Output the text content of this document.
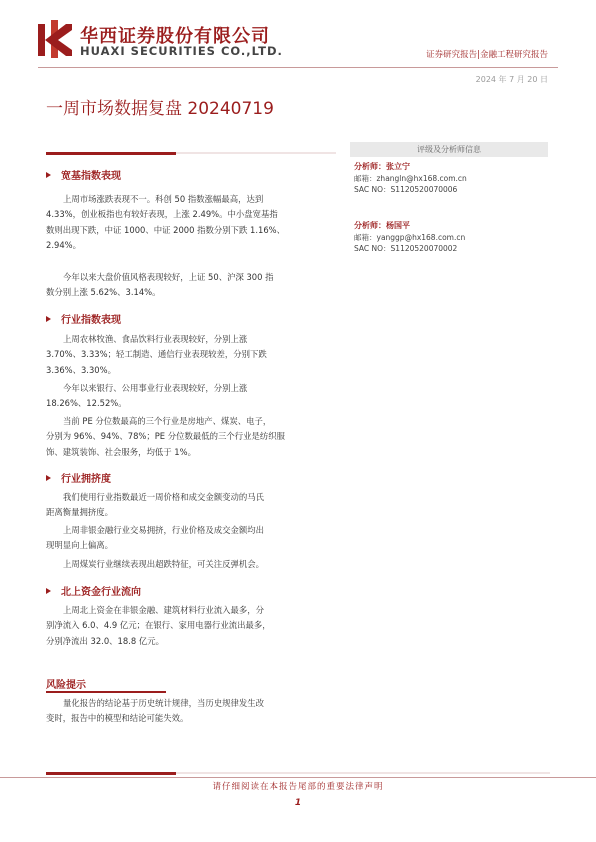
华西证券股份有限公司
HUAXI SECURITIES CO.,LTD.	证券研究报告|金融工程研究报告
2024 年 7 月 20 日
一周市场数据复盘 20240719
宽基指数表现

上周市场涨跌表现不一。科创 50 指数涨幅最高，达到

4.33%，创业板指也有较好表现，上涨 2.49%。中小盘宽基指

数则出现下跌，中证 1000、中证 2000 指数分别下跌 1.16%、

2.94%。

今年以来大盘价值风格表现较好，上证 50、沪深 300 指

数分别上涨 5.62%、3.14%。

行业指数表现

上周农林牧渔、食品饮料行业表现较好，分别上涨

3.70%、3.33%；轻工制造、通信行业表现较差，分别下跌

3.36%、3.30%。

今年以来银行、公用事业行业表现较好，分别上涨

18.26%、12.52%。

当前 PE 分位数最高的三个行业是房地产、煤炭、电子，

分别为 96%、94%、78%；PE 分位数最低的三个行业是纺织服

饰、建筑装饰、社会服务，均低于 1%。

行业拥挤度

我们使用行业指数最近一周价格和成交金额变动的马氏

距离衡量拥挤度。

上周非银金融行业交易拥挤，行业价格及成交金额均出

现明显向上偏离。

上周煤炭行业继续表现出超跌特征，可关注反弹机会。

北上资金行业流向

上周北上资金在非银金融、建筑材料行业流入最多，分

别净流入 6.0、4.9 亿元；在银行、家用电器行业流出最多，

分别净流出 32.0、18.8 亿元。

风险提示

量化报告的结论基于历史统计规律，当历史规律发生改

变时，报告中的模型和结论可能失效。

评级及分析师信息
分析师：张立宁
邮箱：zhangln@hx168.com.cn
SAC NO：S1120520070006
分析师：杨国平
邮箱：yanggp@hx168.com.cn
SAC NO：S1120520070002
请仔细阅读在本报告尾部的重要法律声明
1
